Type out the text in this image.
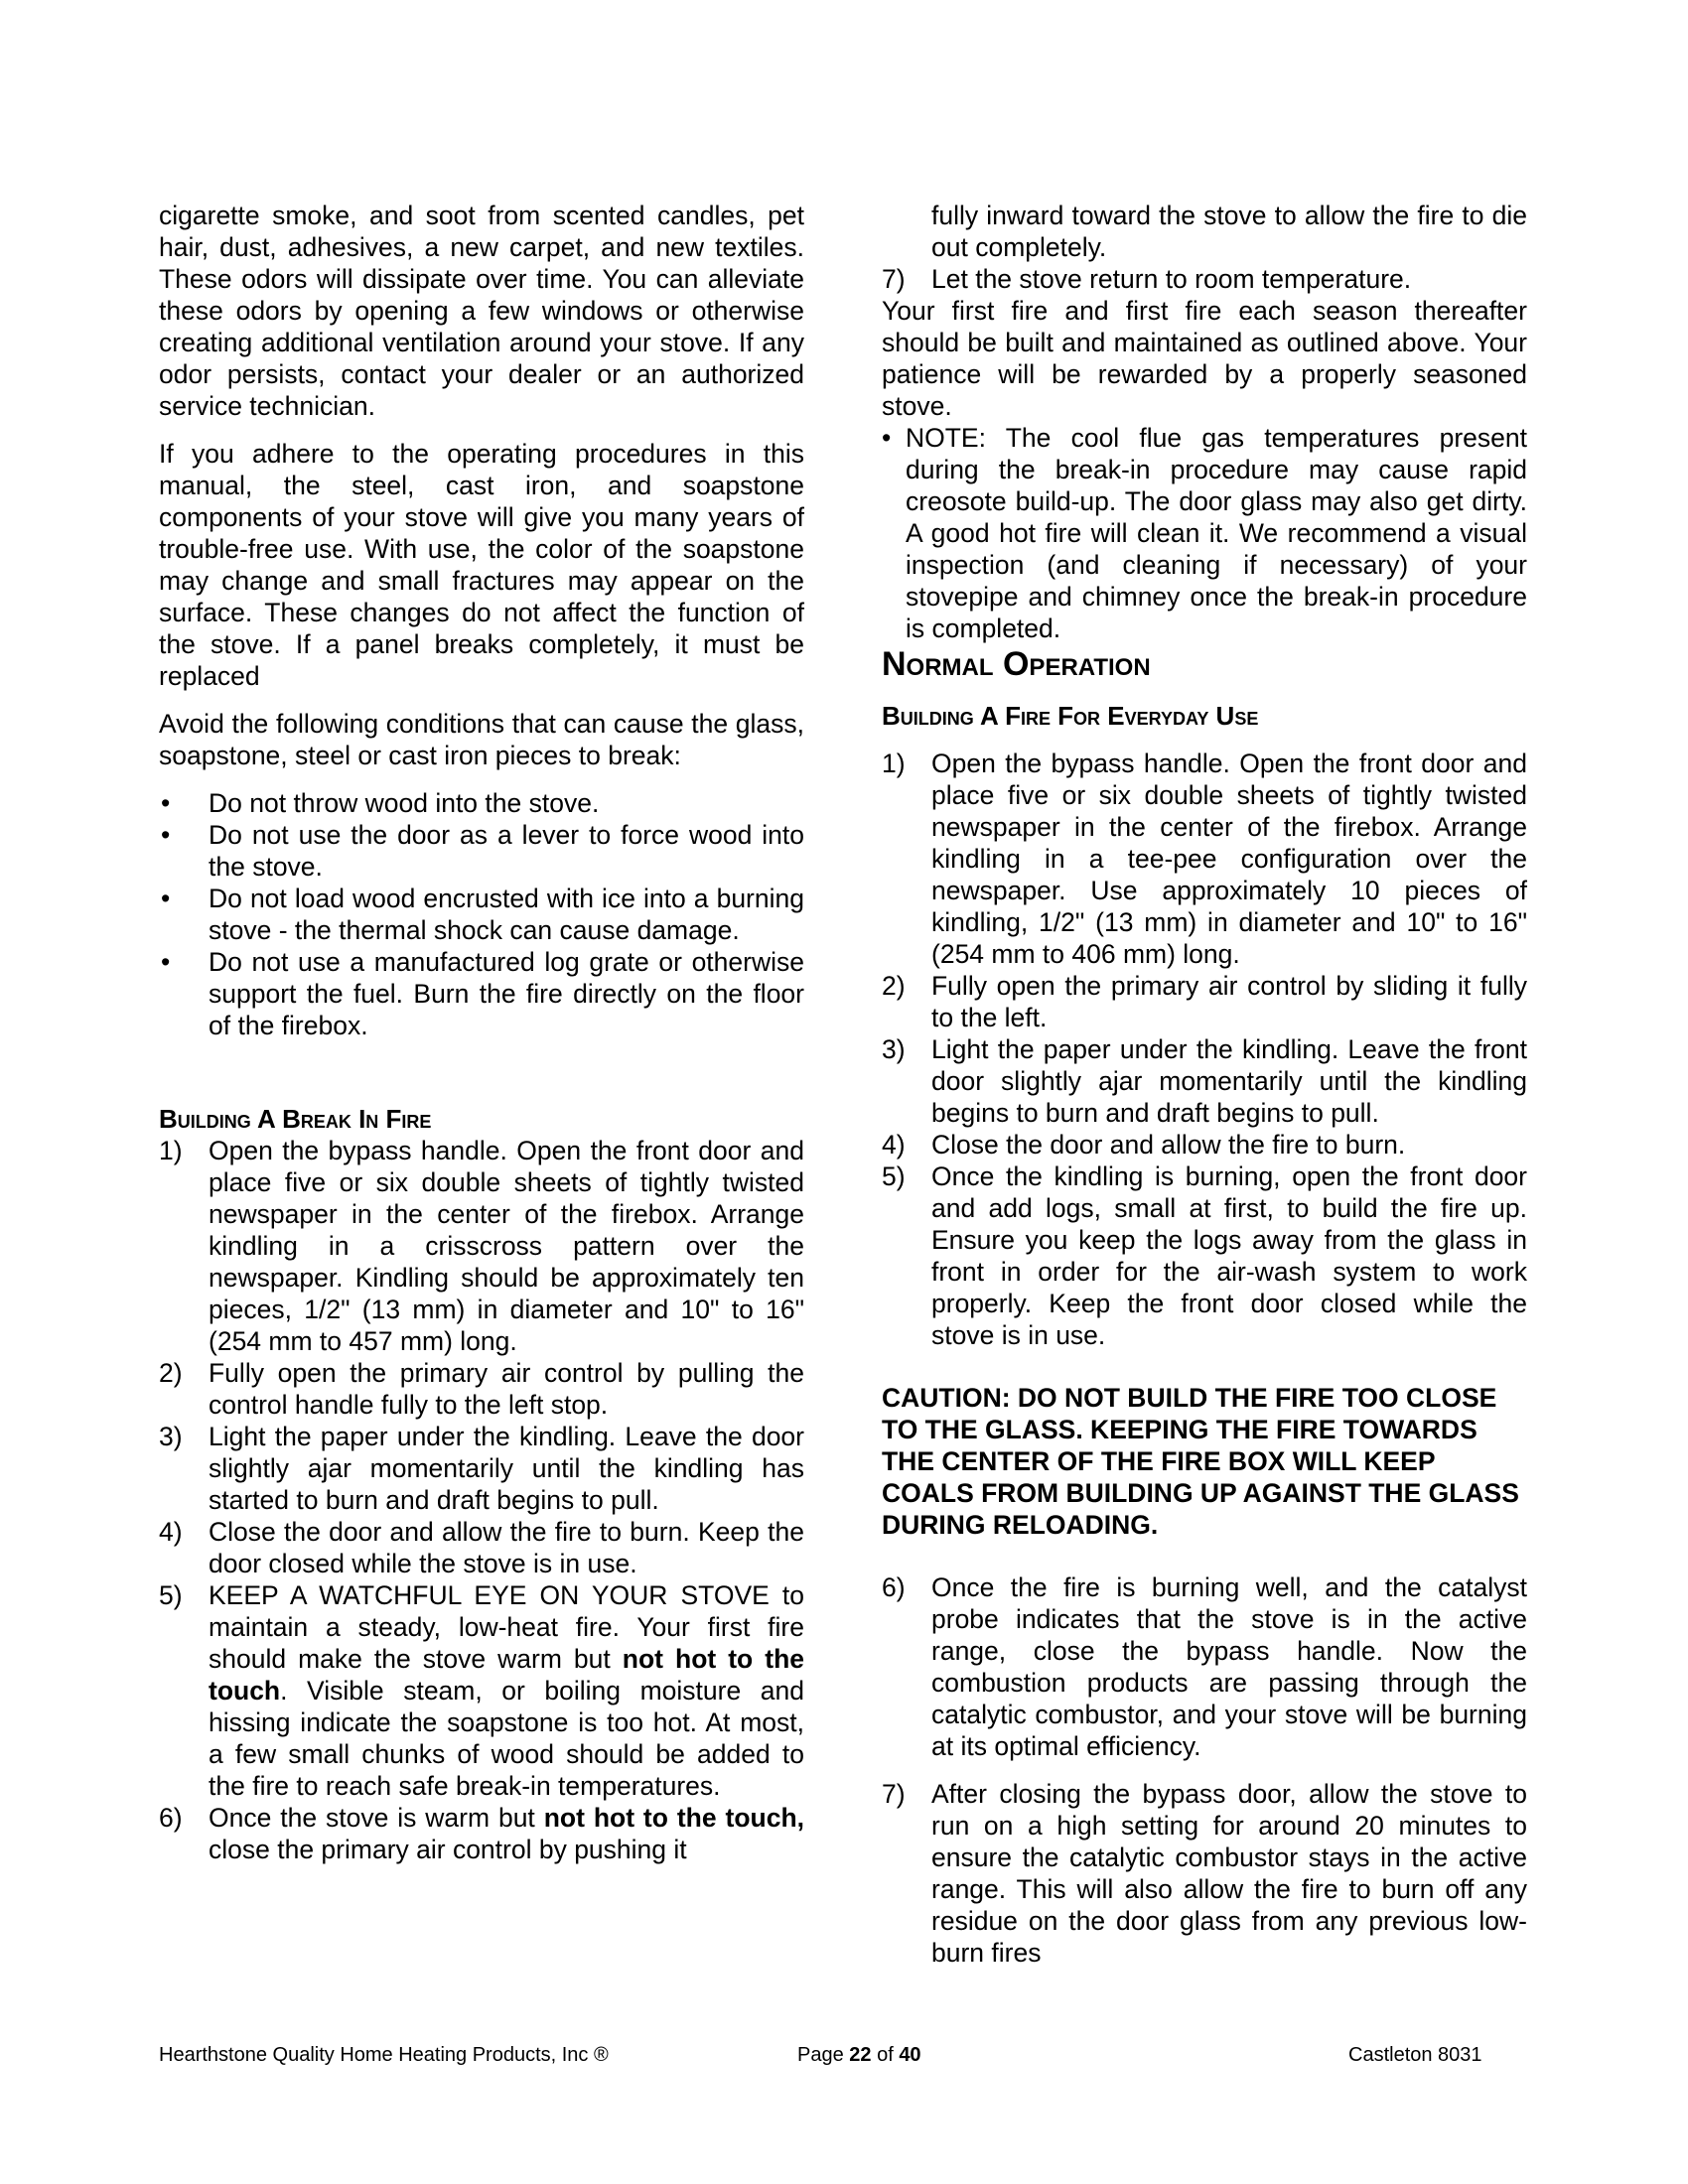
cigarette smoke, and soot from scented candles, pet hair, dust, adhesives, a new carpet, and new textiles. These odors will dissipate over time. You can alleviate these odors by opening a few windows or otherwise creating additional ventilation around your stove. If any odor persists, contact your dealer or an authorized service technician.

If you adhere to the operating procedures in this manual, the steel, cast iron, and soapstone components of your stove will give you many years of trouble-free use. With use, the color of the soapstone may change and small fractures may appear on the surface. These changes do not affect the function of the stove. If a panel breaks completely, it must be replaced

Avoid the following conditions that can cause the glass, soapstone, steel or cast iron pieces to break:

• Do not throw wood into the stove.
• Do not use the door as a lever to force wood into the stove.
• Do not load wood encrusted with ice into a burning stove - the thermal shock can cause damage.
• Do not use a manufactured log grate or otherwise support the fuel. Burn the fire directly on the floor of the firebox.
Building A Break In Fire
1) Open the bypass handle. Open the front door and place five or six double sheets of tightly twisted newspaper in the center of the firebox. Arrange kindling in a crisscross pattern over the newspaper. Kindling should be approximately ten pieces, 1/2" (13 mm) in diameter and 10" to 16" (254 mm to 457 mm) long.
2) Fully open the primary air control by pulling the control handle fully to the left stop.
3) Light the paper under the kindling. Leave the door slightly ajar momentarily until the kindling has started to burn and draft begins to pull.
4) Close the door and allow the fire to burn. Keep the door closed while the stove is in use.
5) KEEP A WATCHFUL EYE ON YOUR STOVE to maintain a steady, low-heat fire. Your first fire should make the stove warm but not hot to the touch. Visible steam, or boiling moisture and hissing indicate the soapstone is too hot. At most, a few small chunks of wood should be added to the fire to reach safe break-in temperatures.
6) Once the stove is warm but not hot to the touch, close the primary air control by pushing it
fully inward toward the stove to allow the fire to die out completely.
7) Let the stove return to room temperature.

Your first fire and first fire each season thereafter should be built and maintained as outlined above. Your patience will be rewarded by a properly seasoned stove.

• NOTE: The cool flue gas temperatures present during the break-in procedure may cause rapid creosote build-up. The door glass may also get dirty. A good hot fire will clean it. We recommend a visual inspection (and cleaning if necessary) of your stovepipe and chimney once the break-in procedure is completed.
Normal Operation
Building A Fire For Everyday Use
1) Open the bypass handle. Open the front door and place five or six double sheets of tightly twisted newspaper in the center of the firebox. Arrange kindling in a tee-pee configuration over the newspaper. Use approximately 10 pieces of kindling, 1/2" (13 mm) in diameter and 10" to 16" (254 mm to 406 mm) long.
2) Fully open the primary air control by sliding it fully to the left.
3) Light the paper under the kindling. Leave the front door slightly ajar momentarily until the kindling begins to burn and draft begins to pull.
4) Close the door and allow the fire to burn.
5) Once the kindling is burning, open the front door and add logs, small at first, to build the fire up. Ensure you keep the logs away from the glass in front in order for the air-wash system to work properly. Keep the front door closed while the stove is in use.

CAUTION: DO NOT BUILD THE FIRE TOO CLOSE TO THE GLASS. KEEPING THE FIRE TOWARDS THE CENTER OF THE FIRE BOX WILL KEEP COALS FROM BUILDING UP AGAINST THE GLASS DURING RELOADING.

6) Once the fire is burning well, and the catalyst probe indicates that the stove is in the active range, close the bypass handle. Now the combustion products are passing through the catalytic combustor, and your stove will be burning at its optimal efficiency.
7) After closing the bypass door, allow the stove to run on a high setting for around 20 minutes to ensure the catalytic combustor stays in the active range. This will also allow the fire to burn off any residue on the door glass from any previous low-burn fires
Hearthstone Quality Home Heating Products, Inc ®	Page 22 of 40	Castleton 8031
